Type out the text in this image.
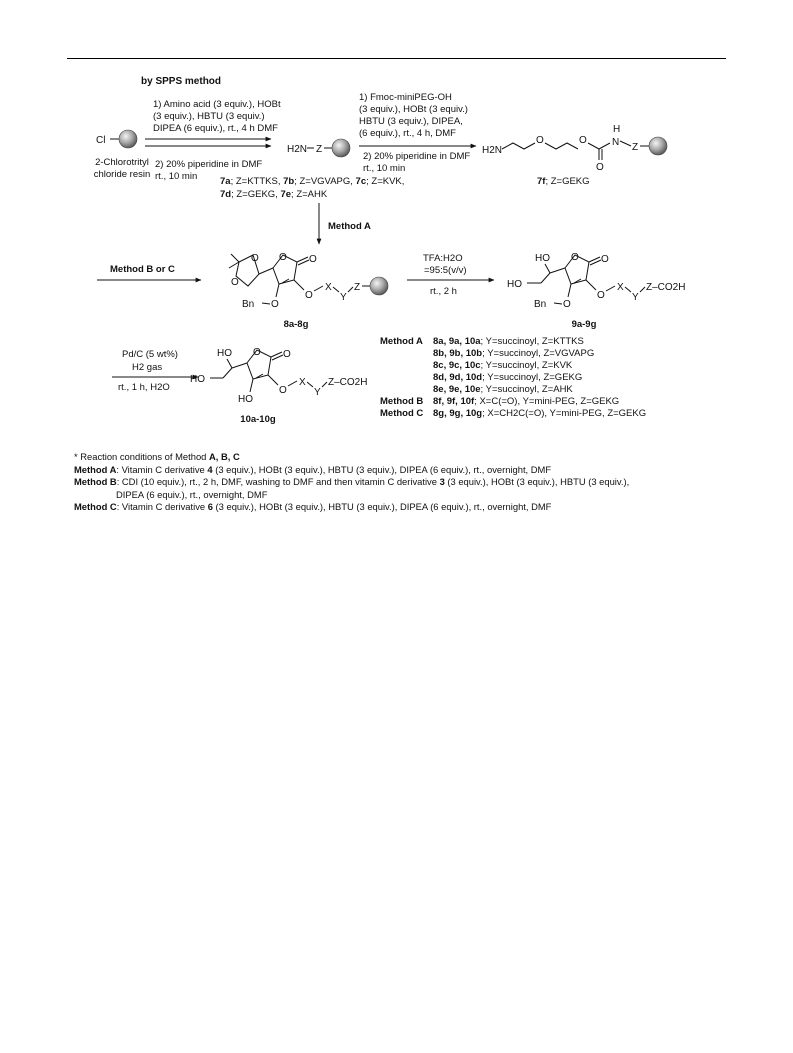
by SPPS method
Cl
2-Chlorotrityl
chloride resin
1) Amino acid (3 equiv.), HOBt
(3 equiv.), HBTU (3 equiv.)
DIPEA (6 equiv.), rt., 4 h DMF
2) 20% piperidine in DMF
rt., 10 min
H2N Z
7a; Z=KTTKS, 7b; Z=VGVAPG, 7c; Z=KVK,
7d; Z=GEKG, 7e; Z=AHK
1) Fmoc-miniPEG-OH
(3 equiv.), HOBt (3 equiv.)
HBTU (3 equiv.), DIPEA,
(6 equiv.), rt., 4 h, DMF
2) 20% piperidine in DMF
rt., 10 min
H2N
O	O
O
H
N Z
7f; Z=GEKG
Method A
Method B or C
O
O
O O
O
Bn
O
X
Y
Z
8a-8g
TFA:H2O
=95:5(v/v)
rt., 2 h
HO
HO
O O
O
Bn
O
X
Y
Z–CO2H
9a-9g
Pd/C (5 wt%)
H2 gas
rt., 1 h, H2O
HO
HO
O O
HO
O
X
Y
Z–CO2H
10a-10g
Method A 8a, 9a, 10a; Y=succinoyl, Z=KTTKS
8b, 9b, 10b; Y=succinoyl, Z=VGVAPG
8c, 9c, 10c; Y=succinoyl, Z=KVK
8d, 9d, 10d; Y=succinoyl, Z=GEKG
8e, 9e, 10e; Y=succinoyl, Z=AHK
Method B 8f, 9f, 10f; X=C(=O), Y=mini-PEG, Z=GEKG
Method C 8g, 9g, 10g; X=CH2C(=O), Y=mini-PEG, Z=GEKG
* Reaction conditions of Method A, B, C
Method A: Vitamin C derivative 4 (3 equiv.), HOBt (3 equiv.), HBTU (3 equiv.), DIPEA (6 equiv.), rt., overnight, DMF
Method B: CDI (10 equiv.), rt., 2 h, DMF, washing to DMF and then vitamin C derivative 3 (3 equiv.), HOBt (3 equiv.), HBTU (3 equiv.),
DIPEA (6 equiv.), rt., overnight, DMF
Method C: Vitamin C derivative 6 (3 equiv.), HOBt (3 equiv.), HBTU (3 equiv.), DIPEA (6 equiv.), rt., overnight, DMF
